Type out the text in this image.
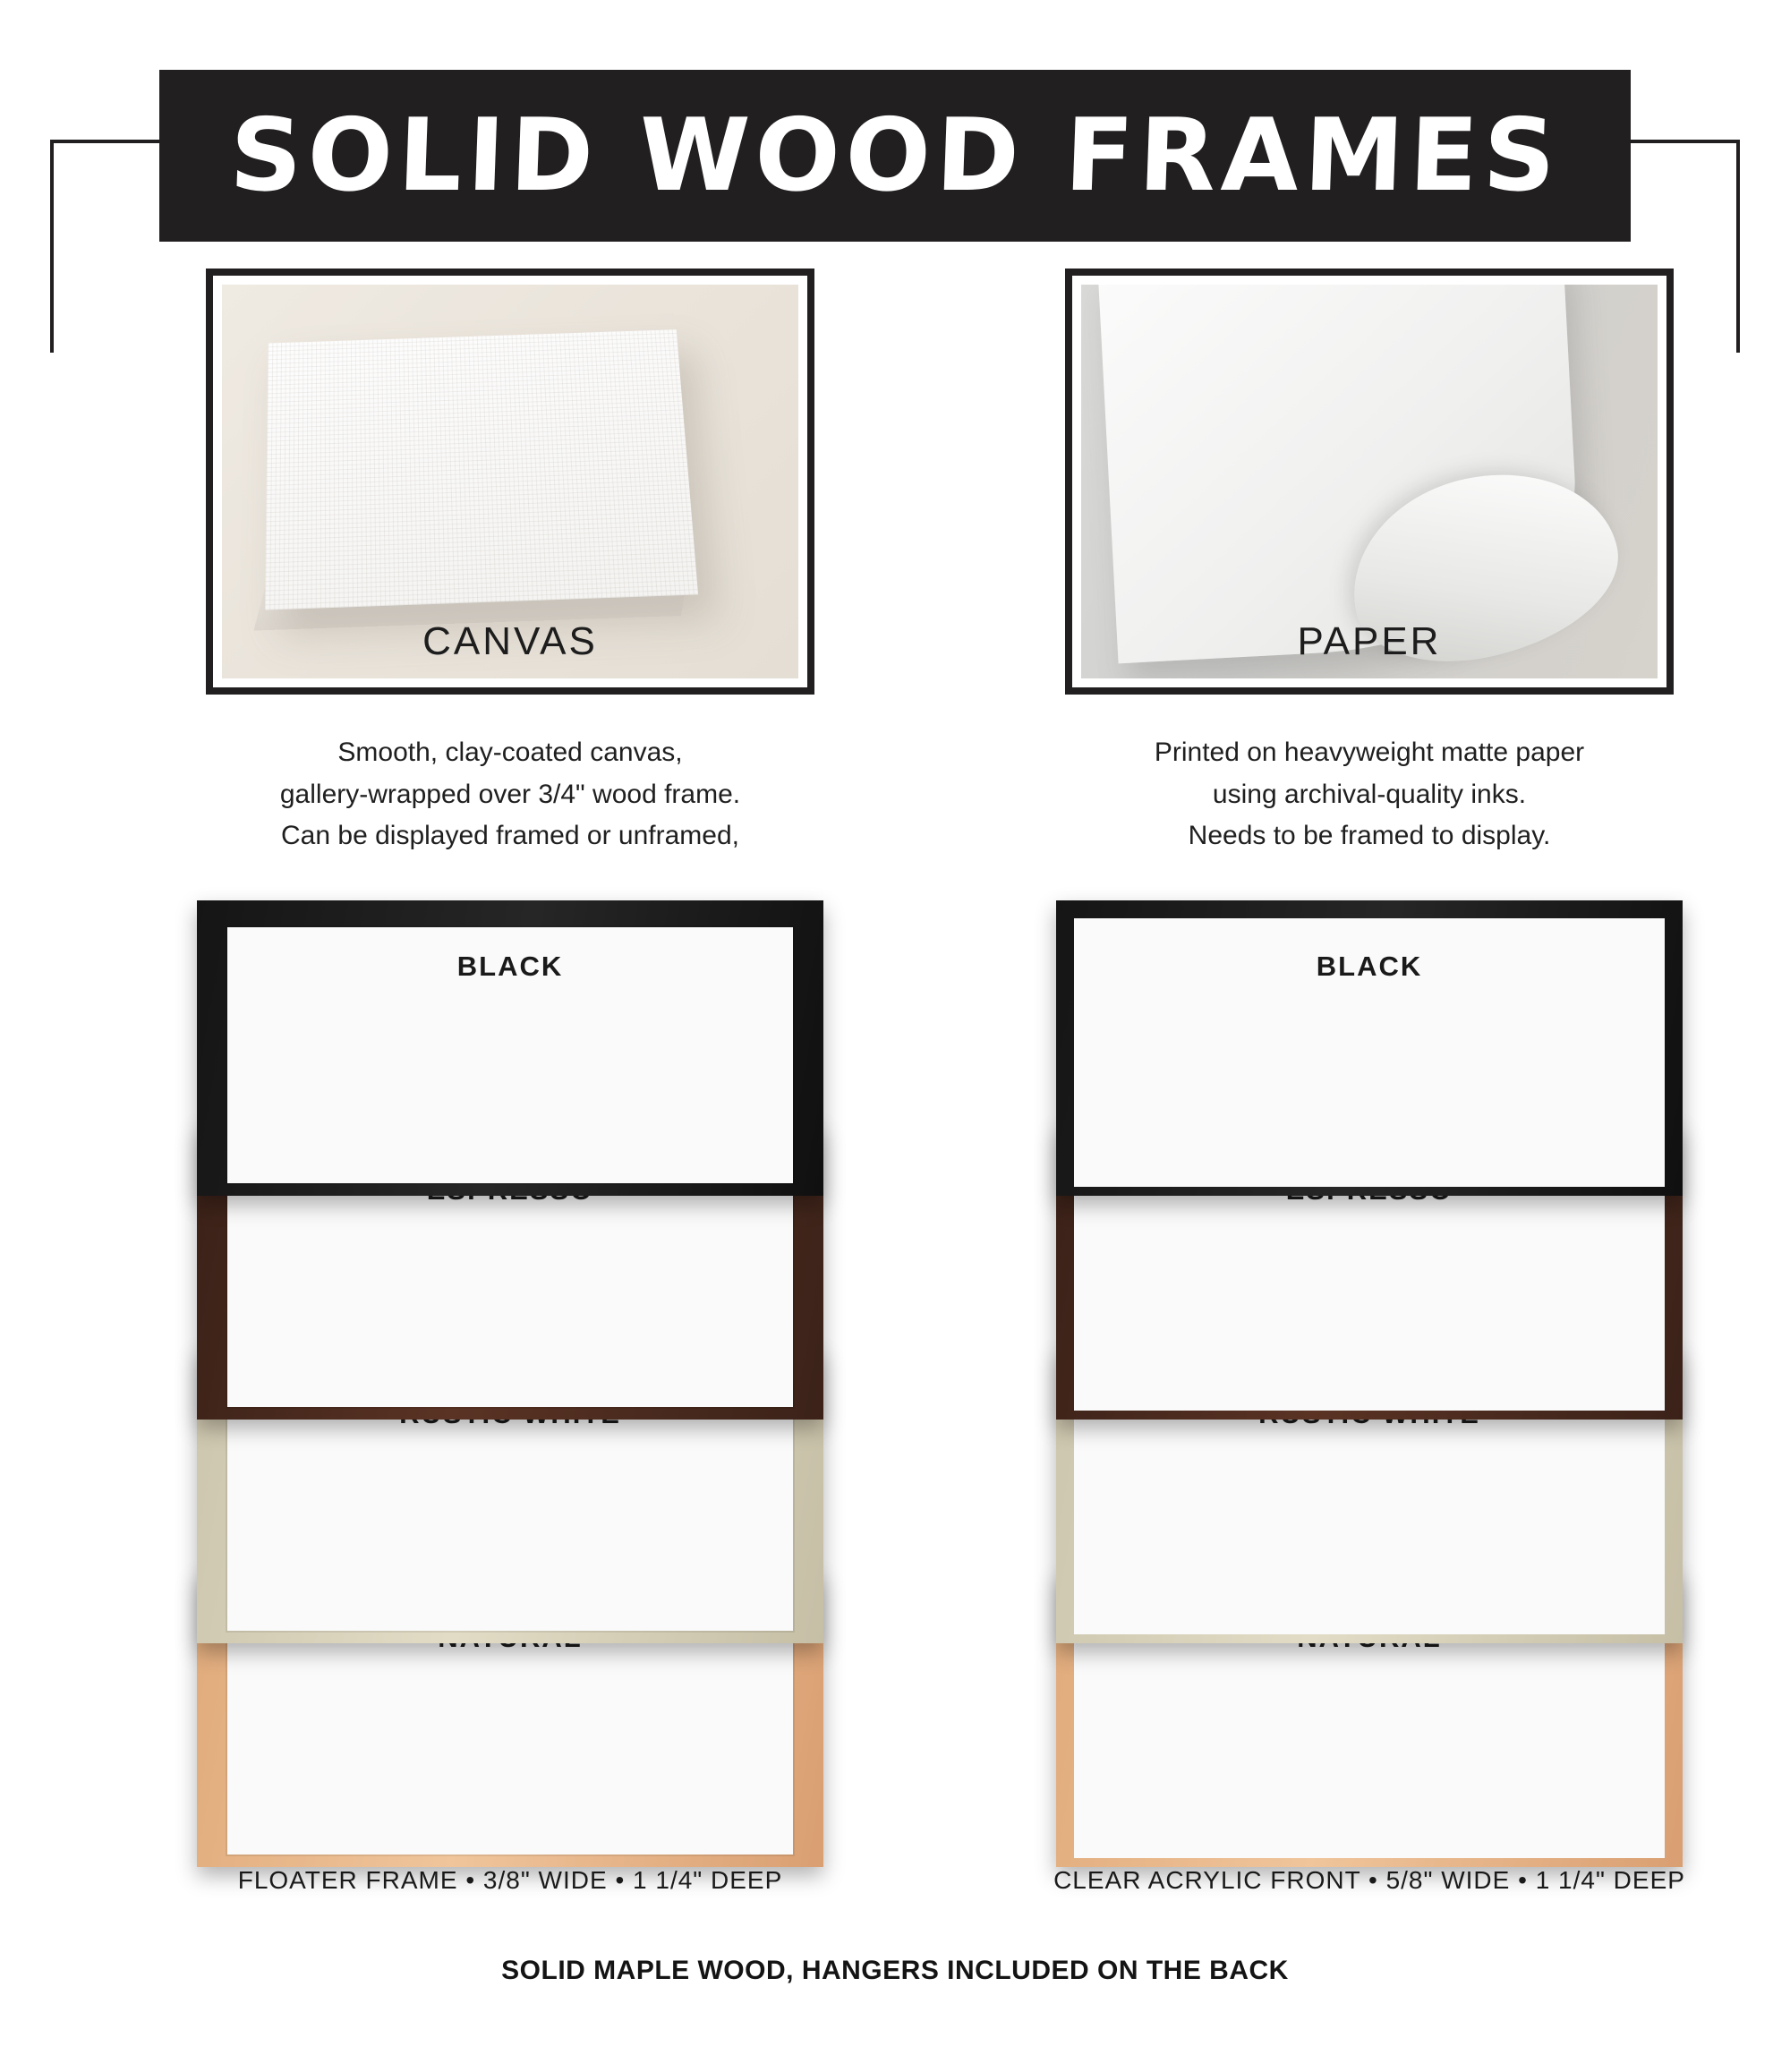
SOLID WOOD FRAMES
CANVAS
Smooth, clay-coated canvas,
gallery-wrapped over 3/4" wood frame.
Can be displayed framed or unframed,
BLACK
PAPER
Printed on heavyweight matte paper
using archival-quality inks.
Needs to be framed to display.
BLACK
FLOATER FRAME • 3/8" WIDE • 1 1/4" DEEP	CLEAR ACRYLIC FRONT • 5/8" WIDE • 1 1/4" DEEP
SOLID MAPLE WOOD, HANGERS INCLUDED ON THE BACK
